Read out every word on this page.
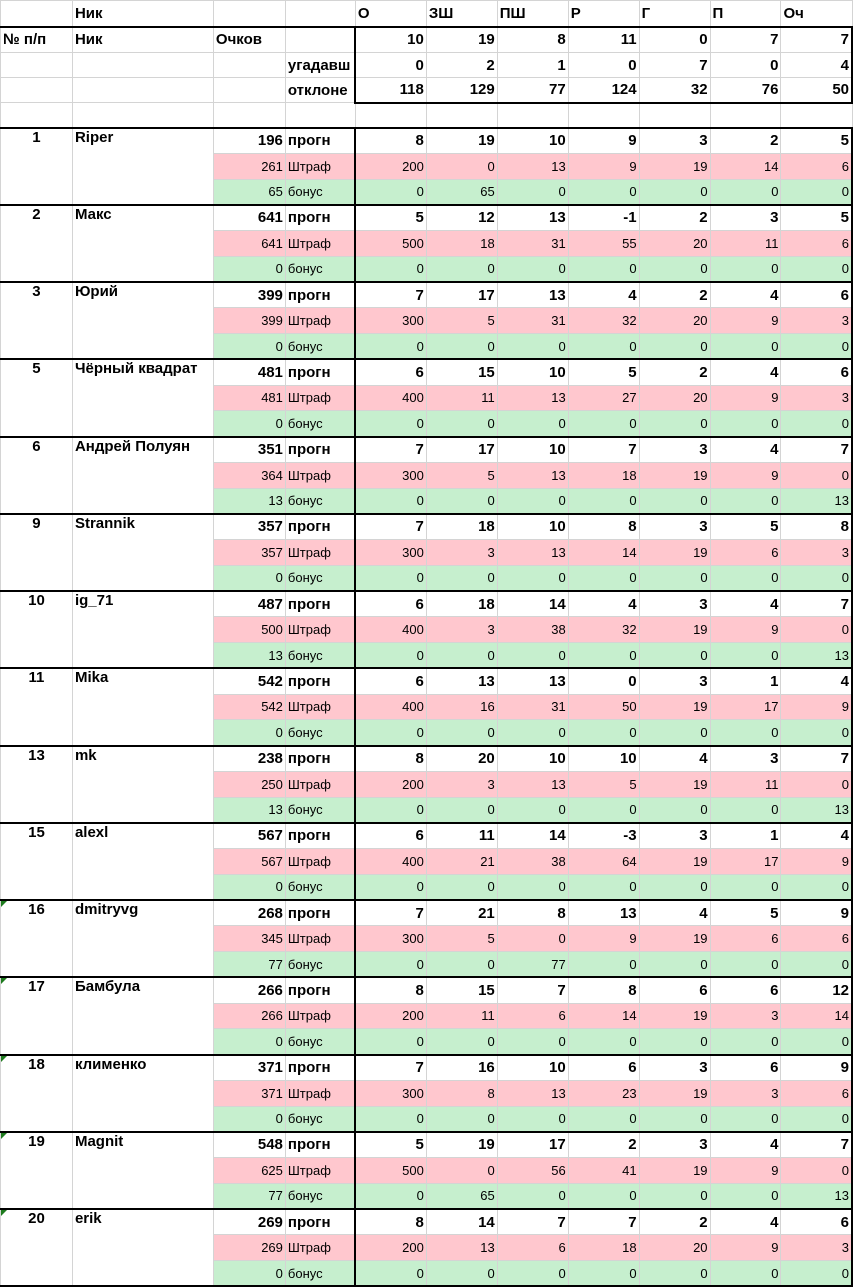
	Ник			О	ЗШ	ПШ	Р	Г	П	Оч
№ п/п	Ник	Очков		10	19	8	11	0	7	7
			угадавш	0	2	1	0	7	0	4
			отклоне	118	129	77	124	32	76	50

1	Riper	196	прогн	8	19	10	9	3	2	5
		261	Штраф	200	0	13	9	19	14	6
		65	бонус	0	65	0	0	0	0	0
2	Макс	641	прогн	5	12	13	-1	2	3	5
		641	Штраф	500	18	31	55	20	11	6
		0	бонус	0	0	0	0	0	0	0
3	Юрий	399	прогн	7	17	13	4	2	4	6
		399	Штраф	300	5	31	32	20	9	3
		0	бонус	0	0	0	0	0	0	0
5	Чёрный квадрат	481	прогн	6	15	10	5	2	4	6
		481	Штраф	400	11	13	27	20	9	3
		0	бонус	0	0	0	0	0	0	0
6	Андрей Полуян	351	прогн	7	17	10	7	3	4	7
		364	Штраф	300	5	13	18	19	9	0
		13	бонус	0	0	0	0	0	0	13
9	Strannik	357	прогн	7	18	10	8	3	5	8
		357	Штраф	300	3	13	14	19	6	3
		0	бонус	0	0	0	0	0	0	0
10	ig_71	487	прогн	6	18	14	4	3	4	7
		500	Штраф	400	3	38	32	19	9	0
		13	бонус	0	0	0	0	0	0	13
11	Mika	542	прогн	6	13	13	0	3	1	4
		542	Штраф	400	16	31	50	19	17	9
		0	бонус	0	0	0	0	0	0	0
13	mk	238	прогн	8	20	10	10	4	3	7
		250	Штраф	200	3	13	5	19	11	0
		13	бонус	0	0	0	0	0	0	13
15	alexl	567	прогн	6	11	14	-3	3	1	4
		567	Штраф	400	21	38	64	19	17	9
		0	бонус	0	0	0	0	0	0	0
16	dmitryvg	268	прогн	7	21	8	13	4	5	9
		345	Штраф	300	5	0	9	19	6	6
		77	бонус	0	0	77	0	0	0	0
17	Бамбула	266	прогн	8	15	7	8	6	6	12
		266	Штраф	200	11	6	14	19	3	14
		0	бонус	0	0	0	0	0	0	0
18	клименко	371	прогн	7	16	10	6	3	6	9
		371	Штраф	300	8	13	23	19	3	6
		0	бонус	0	0	0	0	0	0	0
19	Magnit	548	прогн	5	19	17	2	3	4	7
		625	Штраф	500	0	56	41	19	9	0
		77	бонус	0	65	0	0	0	0	13
20	erik	269	прогн	8	14	7	7	2	4	6
		269	Штраф	200	13	6	18	20	9	3
		0	бонус	0	0	0	0	0	0	0
